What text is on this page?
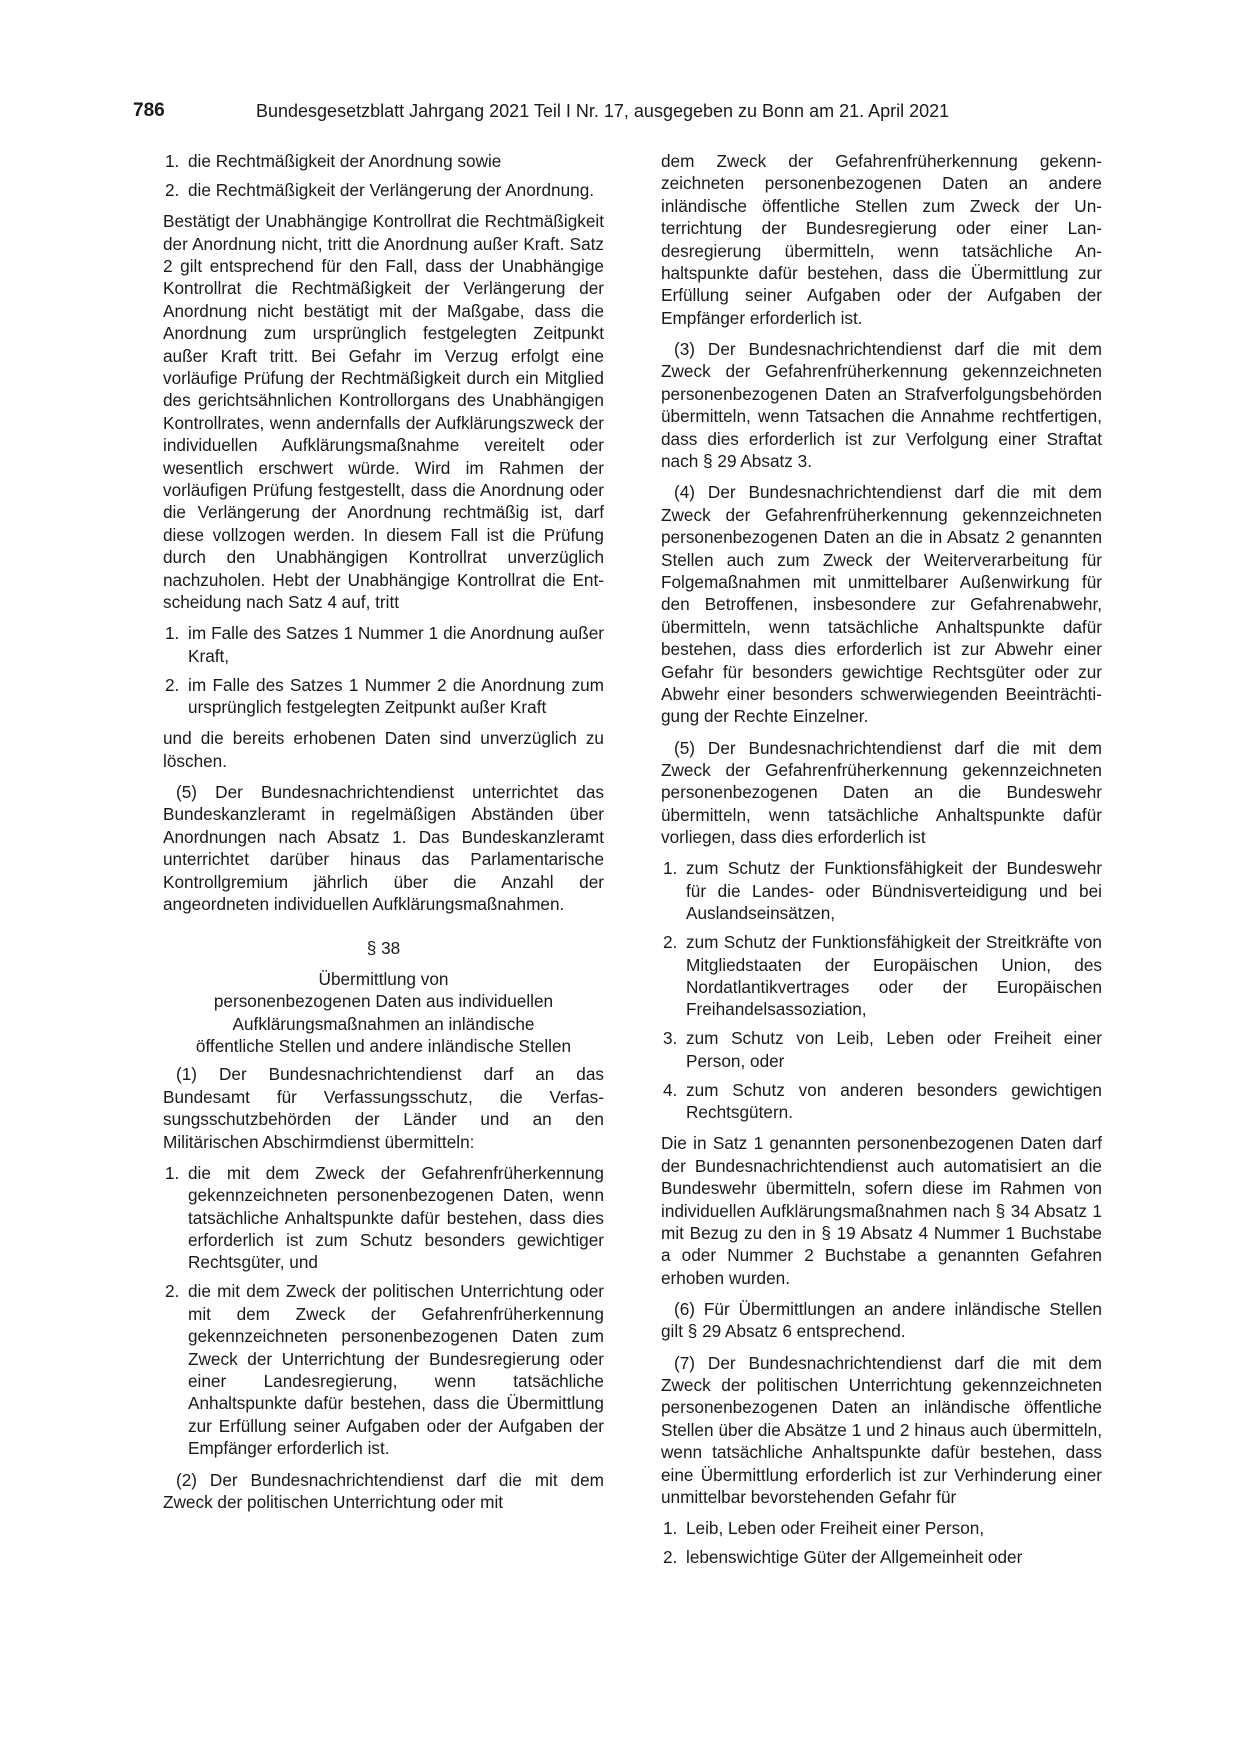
786	Bundesgesetzblatt Jahrgang 2021 Teil I Nr. 17, ausgegeben zu Bonn am 21. April 2021
1. die Rechtmäßigkeit der Anordnung sowie
2. die Rechtmäßigkeit der Verlängerung der Anordnung.

Bestätigt der Unabhängige Kontrollrat die Rechtmäßigkeit der Anordnung nicht, tritt die Anordnung außer Kraft. Satz 2 gilt entsprechend für den Fall, dass der Unabhängige Kontrollrat die Rechtmäßigkeit der Verlängerung der Anordnung nicht bestätigt mit der Maßgabe, dass die Anordnung zum ursprünglich festgelegten Zeitpunkt außer Kraft tritt. Bei Gefahr im Verzug erfolgt eine vorläufige Prüfung der Rechtmäßigkeit durch ein Mitglied des gerichtsähnlichen Kontrollorgans des Unabhängigen Kontrollrates, wenn andernfalls der Aufklärungszweck der individuellen Aufklärungsmaßnahme vereitelt oder wesentlich erschwert würde. Wird im Rahmen der vorläufigen Prüfung festgestellt, dass die Anordnung oder die Verlängerung der Anordnung rechtmäßig ist, darf diese vollzogen werden. In diesem Fall ist die Prüfung durch den Unabhängigen Kontrollrat unverzüglich nachzuholen. Hebt der Unabhängige Kontrollrat die Entscheidung nach Satz 4 auf, tritt

1. im Falle des Satzes 1 Nummer 1 die Anordnung außer Kraft,
2. im Falle des Satzes 1 Nummer 2 die Anordnung zum ursprünglich festgelegten Zeitpunkt außer Kraft

und die bereits erhobenen Daten sind unverzüglich zu löschen.

(5) Der Bundesnachrichtendienst unterrichtet das Bundeskanzleramt in regelmäßigen Abständen über Anordnungen nach Absatz 1. Das Bundeskanzleramt unterrichtet darüber hinaus das Parlamentarische Kontrollgremium jährlich über die Anzahl der angeordneten individuellen Aufklärungsmaßnahmen.

§ 38
Übermittlung von
personenbezogenen Daten aus individuellen
Aufklärungsmaßnahmen an inländische
öffentliche Stellen und andere inländische Stellen

(1) Der Bundesnachrichtendienst darf an das Bundesamt für Verfassungsschutz, die Verfassungsschutzbehörden der Länder und an den Militärischen Abschirmdienst übermitteln:

1. die mit dem Zweck der Gefahrenfrüherkennung gekennzeichneten personenbezogenen Daten, wenn tatsächliche Anhaltspunkte dafür bestehen, dass dies erforderlich ist zum Schutz besonders gewichtiger Rechtsgüter, und
2. die mit dem Zweck der politischen Unterrichtung oder mit dem Zweck der Gefahrenfrüherkennung gekennzeichneten personenbezogenen Daten zum Zweck der Unterrichtung der Bundesregierung oder einer Landesregierung, wenn tatsächliche Anhaltspunkte dafür bestehen, dass die Übermittlung zur Erfüllung seiner Aufgaben oder der Aufgaben der Empfänger erforderlich ist.

(2) Der Bundesnachrichtendienst darf die mit dem Zweck der politischen Unterrichtung oder mit

dem Zweck der Gefahrenfrüherkennung gekennzeichneten personenbezogenen Daten an andere inländische öffentliche Stellen zum Zweck der Unterrichtung der Bundesregierung oder einer Landesregierung übermitteln, wenn tatsächliche Anhaltspunkte dafür bestehen, dass die Übermittlung zur Erfüllung seiner Aufgaben oder der Aufgaben der Empfänger erforderlich ist.

(3) Der Bundesnachrichtendienst darf die mit dem Zweck der Gefahrenfrüherkennung gekennzeichneten personenbezogenen Daten an Strafverfolgungsbehörden übermitteln, wenn Tatsachen die Annahme rechtfertigen, dass dies erforderlich ist zur Verfolgung einer Straftat nach § 29 Absatz 3.

(4) Der Bundesnachrichtendienst darf die mit dem Zweck der Gefahrenfrüherkennung gekennzeichneten personenbezogenen Daten an die in Absatz 2 genannten Stellen auch zum Zweck der Weiterverarbeitung für Folgemaßnahmen mit unmittelbarer Außenwirkung für den Betroffenen, insbesondere zur Gefahrenabwehr, übermitteln, wenn tatsächliche Anhaltspunkte dafür bestehen, dass dies erforderlich ist zur Abwehr einer Gefahr für besonders gewichtige Rechtsgüter oder zur Abwehr einer besonders schwerwiegenden Beeinträchtigung der Rechte Einzelner.

(5) Der Bundesnachrichtendienst darf die mit dem Zweck der Gefahrenfrüherkennung gekennzeichneten personenbezogenen Daten an die Bundeswehr übermitteln, wenn tatsächliche Anhaltspunkte dafür vorliegen, dass dies erforderlich ist

1. zum Schutz der Funktionsfähigkeit der Bundeswehr für die Landes- oder Bündnisverteidigung und bei Auslandseinsätzen,
2. zum Schutz der Funktionsfähigkeit der Streitkräfte von Mitgliedstaaten der Europäischen Union, des Nordatlantikvertrages oder der Europäischen Freihandelsassoziation,
3. zum Schutz von Leib, Leben oder Freiheit einer Person, oder
4. zum Schutz von anderen besonders gewichtigen Rechtsgütern.

Die in Satz 1 genannten personenbezogenen Daten darf der Bundesnachrichtendienst auch automatisiert an die Bundeswehr übermitteln, sofern diese im Rahmen von individuellen Aufklärungsmaßnahmen nach § 34 Absatz 1 mit Bezug zu den in § 19 Absatz 4 Nummer 1 Buchstabe a oder Nummer 2 Buchstabe a genannten Gefahren erhoben wurden.

(6) Für Übermittlungen an andere inländische Stellen gilt § 29 Absatz 6 entsprechend.

(7) Der Bundesnachrichtendienst darf die mit dem Zweck der politischen Unterrichtung gekennzeichneten personenbezogenen Daten an inländische öffentliche Stellen über die Absätze 1 und 2 hinaus auch übermitteln, wenn tatsächliche Anhaltspunkte dafür bestehen, dass eine Übermittlung erforderlich ist zur Verhinderung einer unmittelbar bevorstehenden Gefahr für

1. Leib, Leben oder Freiheit einer Person,
2. lebenswichtige Güter der Allgemeinheit oder
